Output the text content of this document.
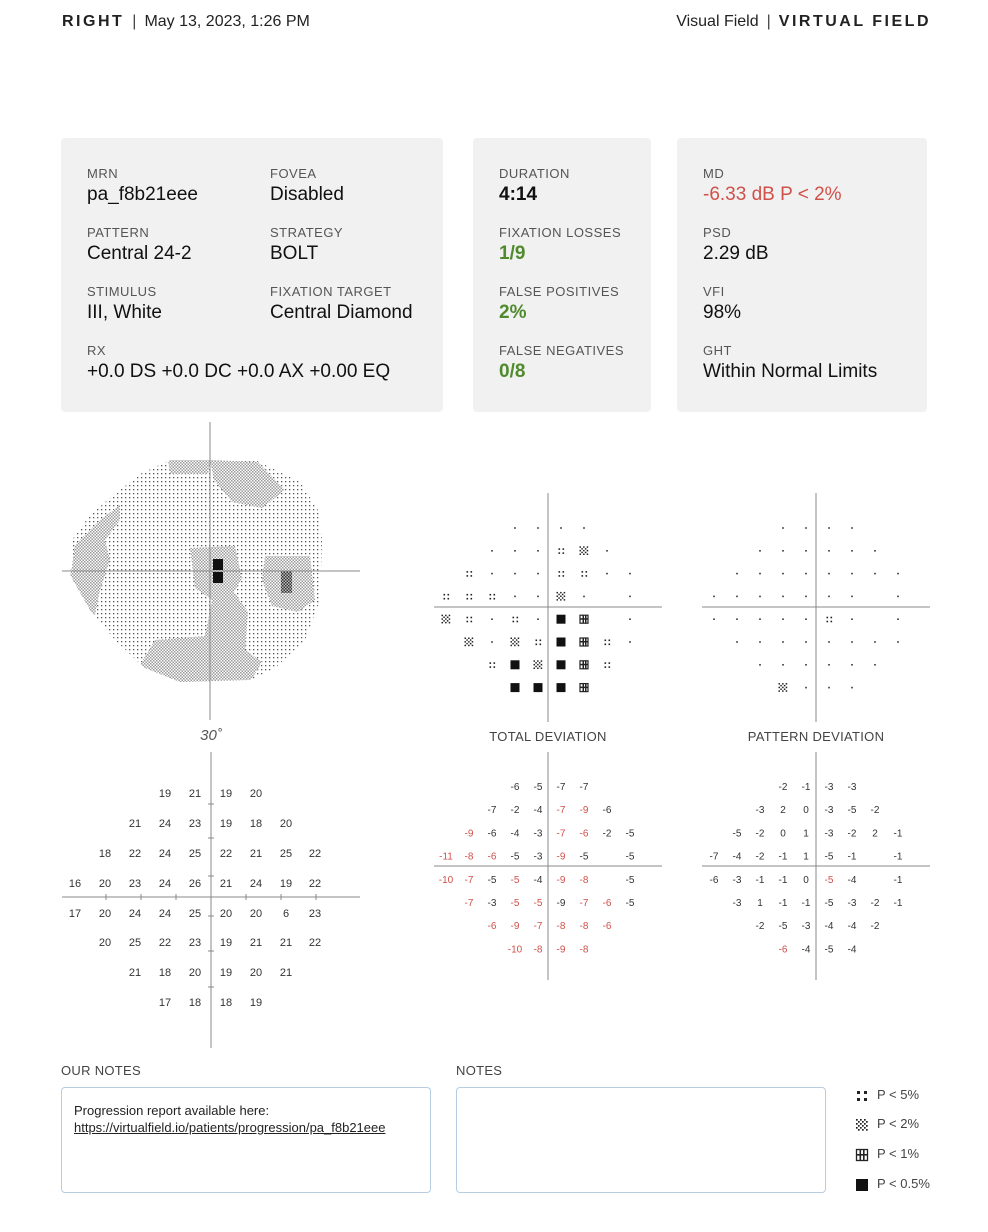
RIGHT | May 13, 2023, 1:26 PM	Visual Field | VIRTUAL FIELD
MRN
pa_f8b21eee
FOVEA
Disabled
PATTERN
Central 24-2
STRATEGY
BOLT
STIMULUS
III, White
FIXATION TARGET
Central Diamond
RX
+0.0 DS +0.0 DC +0.0 AX +0.00 EQ
DURATION
4:14
FIXATION LOSSES
1/9
FALSE POSITIVES
2%
FALSE NEGATIVES
0/8
MD
-6.33 dB P < 2%
PSD
2.29 dB
VFI
98%
GHT
Within Normal Limits
30˚
19 21 19 20
21 24 23 19 18 20
18 22 24 25 22 21 25 22
16 20 23 24 26 21 24 19 22
17 20 24 24 25 20 20 6 23
20 25 22 23 19 21 21 22
21 18 20 19 20 21
17 18 18 19
TOTAL DEVIATION
-6 -5 -7 -7
-7 -2 -4 -7 -9 -6
-9 -6 -4 -3 -7 -6 -2 -5
-11 -8 -6 -5 -3 -9 -5	-5
-10 -7 -5 -5 -4 -9 -8	-5
-7 -3 -5 -5 -9 -7 -6 -5
-6 -9 -7 -8 -8 -6
-10 -8 -9 -8
PATTERN DEVIATION
-2 -1 -3 -3
-3 2 0 -3 -5 -2
-5 -2 0 1 -3 -2 2 -1
-7 -4 -2 -1 1 -5 -1	-1
-6 -3 -1 -1 0 -5 -4	-1
-3 1 -1 -1 -5 -3 -2 -1
-2 -5 -3 -4 -4 -2
-6 -4 -5 -4
OUR NOTES
Progression report available here:
https://virtualfield.io/patients/progression/pa_f8b21eee
NOTES
P < 5%
P < 2%
P < 1%
P < 0.5%
